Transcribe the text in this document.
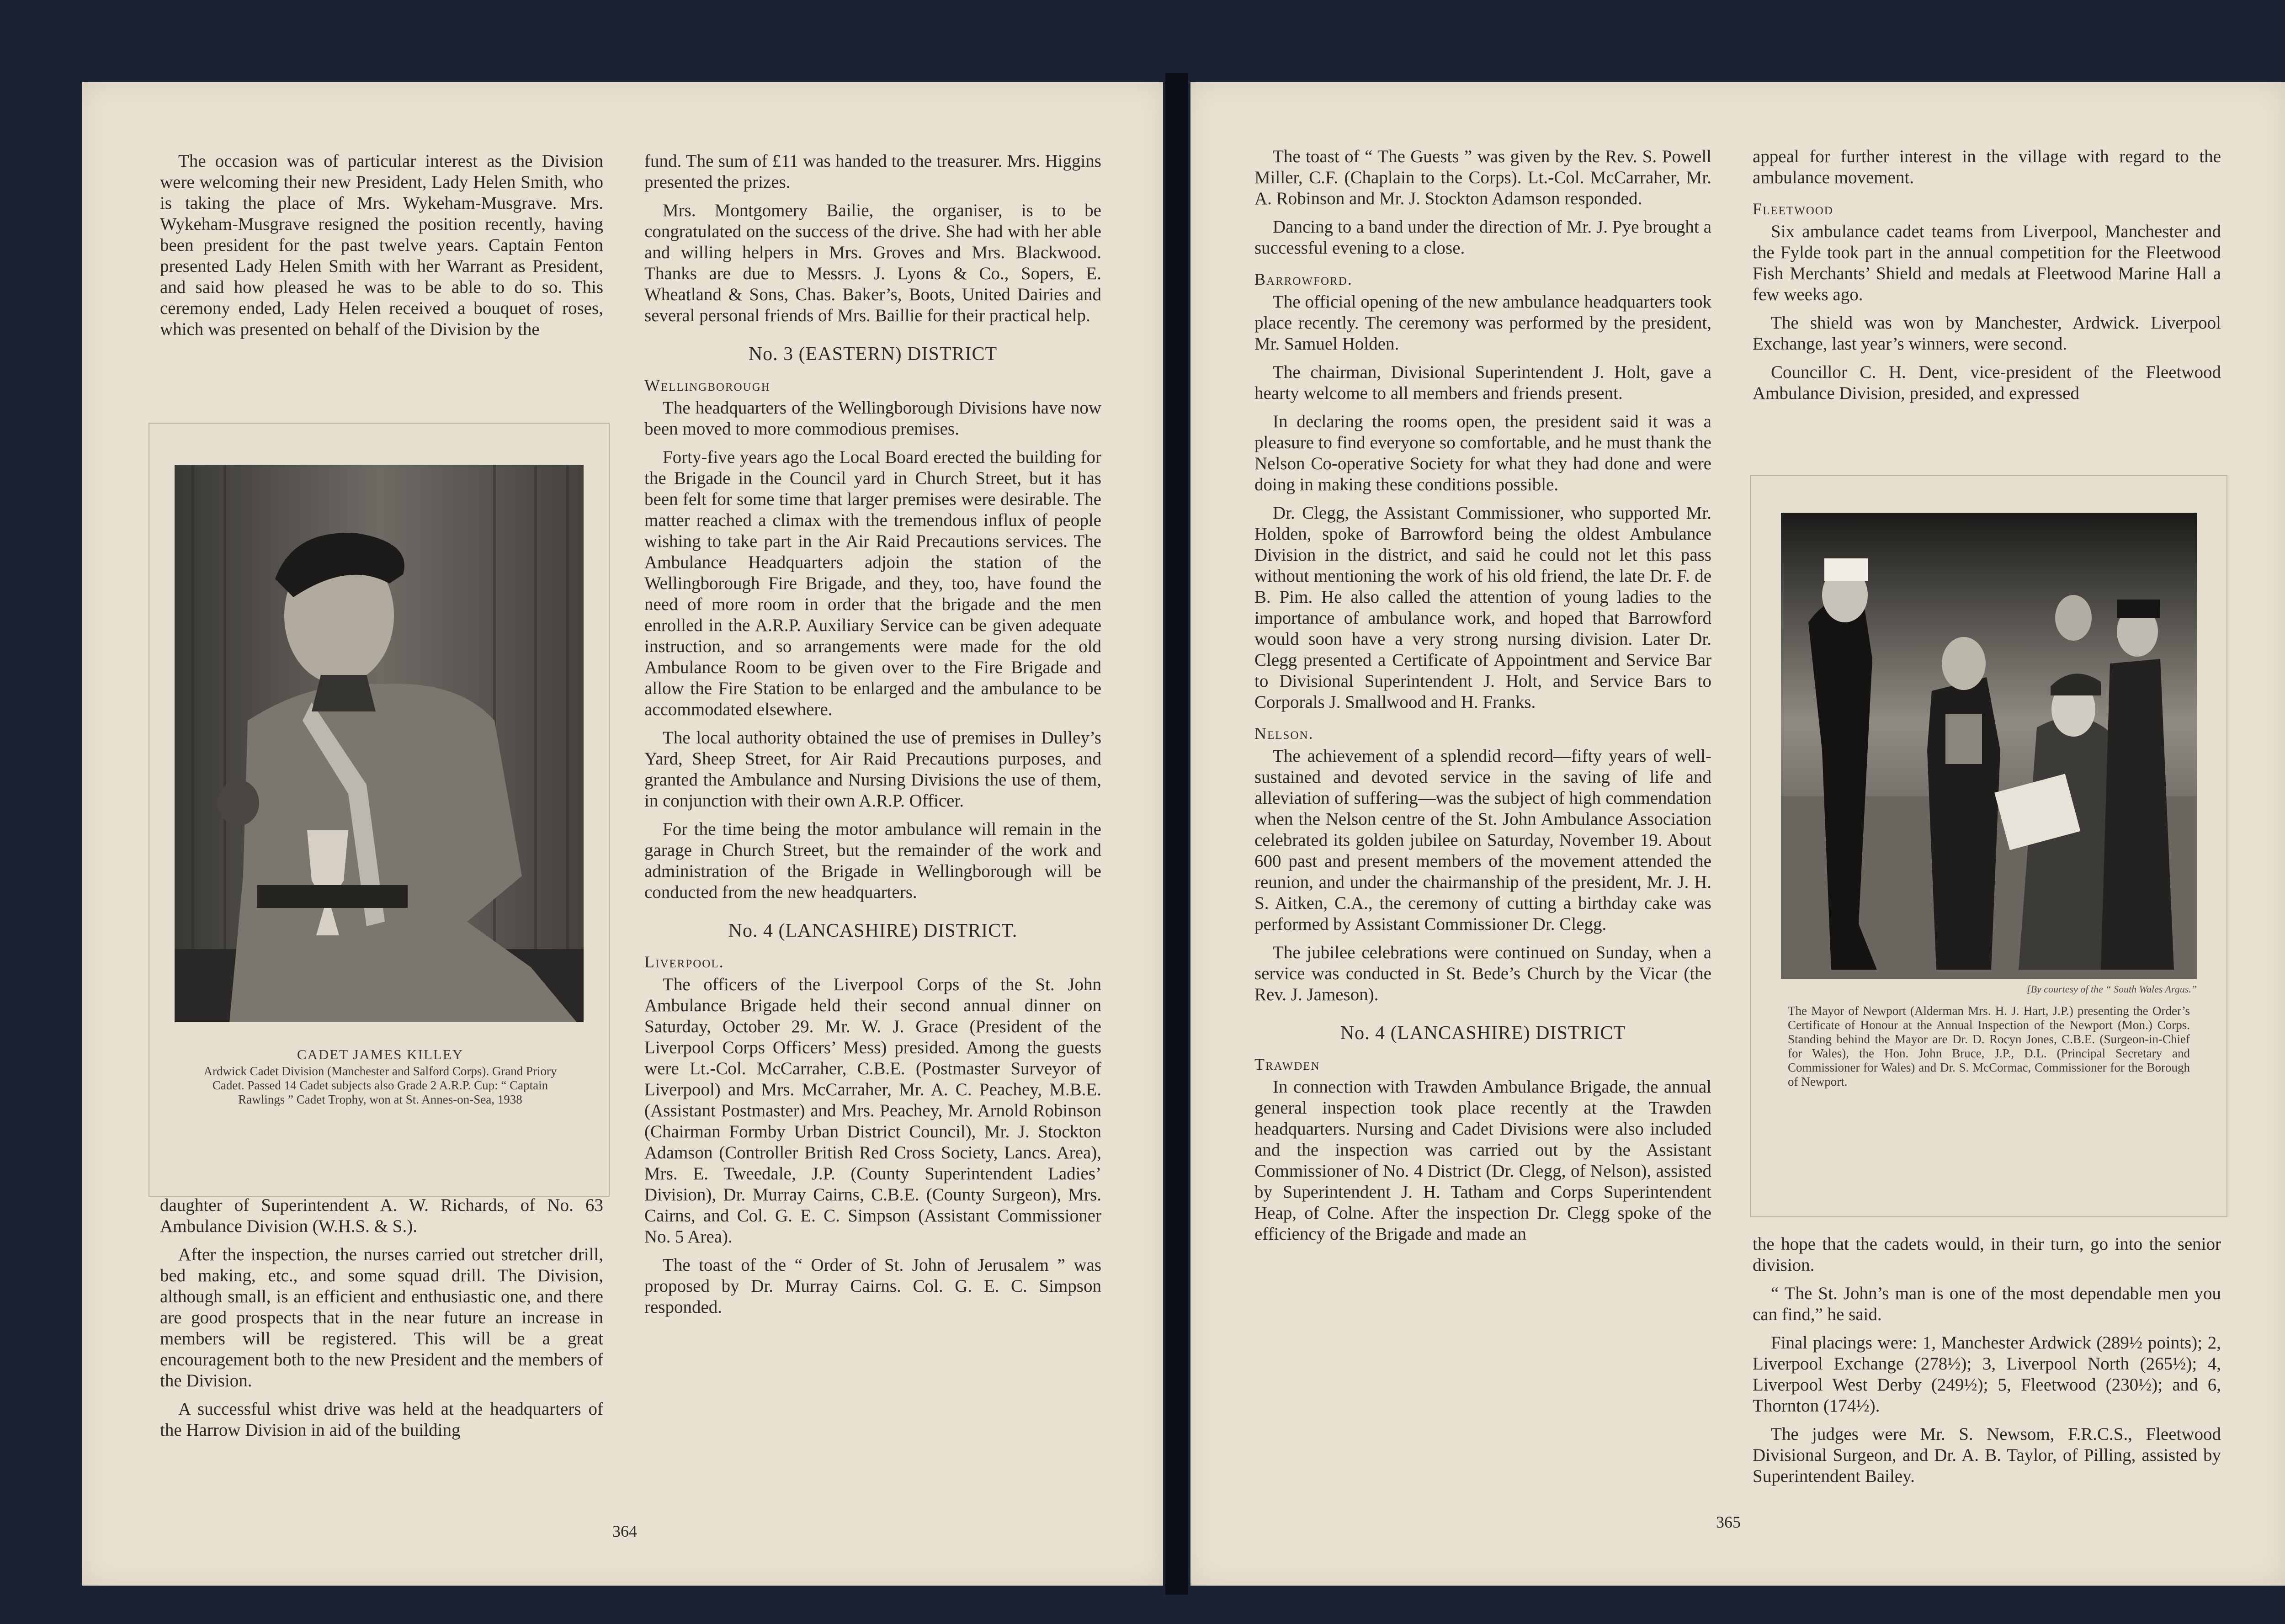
The occasion was of particular interest as the Division were welcoming their new President, Lady Helen Smith, who is taking the place of Mrs. Wykeham-Musgrave. Mrs. Wykeham-Musgrave resigned the position recently, having been president for the past twelve years. Captain Fenton presented Lady Helen Smith with her Warrant as President, and said how pleased he was to be able to do so. This ceremony ended, Lady Helen received a bouquet of roses, which was presented on behalf of the Division by the

CADET JAMES KILLEY
Ardwick Cadet Division (Manchester and Salford Corps). Grand Priory Cadet. Passed 14 Cadet subjects also Grade 2 A.R.P. Cup: “ Captain Rawlings ” Cadet Trophy, won at St. Annes-on-Sea, 1938

daughter of Superintendent A. W. Richards, of No. 63 Ambulance Division (W.H.S. & S.).

After the inspection, the nurses carried out stretcher drill, bed making, etc., and some squad drill. The Division, although small, is an efficient and enthusiastic one, and there are good prospects that in the near future an increase in members will be registered. This will be a great encouragement both to the new President and the members of the Division.

A successful whist drive was held at the headquarters of the Harrow Division in aid of the building

fund. The sum of £11 was handed to the treasurer. Mrs. Higgins presented the prizes.

Mrs. Montgomery Bailie, the organiser, is to be congratulated on the success of the drive. She had with her able and willing helpers in Mrs. Groves and Mrs. Blackwood. Thanks are due to Messrs. J. Lyons & Co., Sopers, E. Wheatland & Sons, Chas. Baker’s, Boots, United Dairies and several personal friends of Mrs. Baillie for their practical help.

No. 3 (EASTERN) DISTRICT
Wellingborough

The headquarters of the Wellingborough Divisions have now been moved to more commodious premises.

Forty-five years ago the Local Board erected the building for the Brigade in the Council yard in Church Street, but it has been felt for some time that larger premises were desirable. The matter reached a climax with the tremendous influx of people wishing to take part in the Air Raid Precautions services. The Ambulance Headquarters adjoin the station of the Wellingborough Fire Brigade, and they, too, have found the need of more room in order that the brigade and the men enrolled in the A.R.P. Auxiliary Service can be given adequate instruction, and so arrangements were made for the old Ambulance Room to be given over to the Fire Brigade and allow the Fire Station to be enlarged and the ambulance to be accommodated elsewhere.

The local authority obtained the use of premises in Dulley’s Yard, Sheep Street, for Air Raid Precautions purposes, and granted the Ambulance and Nursing Divisions the use of them, in conjunction with their own A.R.P. Officer.

For the time being the motor ambulance will remain in the garage in Church Street, but the remainder of the work and administration of the Brigade in Wellingborough will be conducted from the new headquarters.

No. 4 (LANCASHIRE) DISTRICT.
Liverpool.

The officers of the Liverpool Corps of the St. John Ambulance Brigade held their second annual dinner on Saturday, October 29. Mr. W. J. Grace (President of the Liverpool Corps Officers’ Mess) presided. Among the guests were Lt.-Col. McCarraher, C.B.E. (Postmaster Surveyor of Liverpool) and Mrs. McCarraher, Mr. A. C. Peachey, M.B.E. (Assistant Postmaster) and Mrs. Peachey, Mr. Arnold Robinson (Chairman Formby Urban District Council), Mr. J. Stockton Adamson (Controller British Red Cross Society, Lancs. Area), Mrs. E. Tweedale, J.P. (County Superintendent Ladies’ Division), Dr. Murray Cairns, C.B.E. (County Surgeon), Mrs. Cairns, and Col. G. E. C. Simpson (Assistant Commissioner No. 5 Area).

The toast of the “ Order of St. John of Jerusalem ” was proposed by Dr. Murray Cairns. Col. G. E. C. Simpson responded.

364

The toast of “ The Guests ” was given by the Rev. S. Powell Miller, C.F. (Chaplain to the Corps). Lt.-Col. McCarraher, Mr. A. Robinson and Mr. J. Stockton Adamson responded.

Dancing to a band under the direction of Mr. J. Pye brought a successful evening to a close.

Barrowford.

The official opening of the new ambulance headquarters took place recently. The ceremony was performed by the president, Mr. Samuel Holden.

The chairman, Divisional Superintendent J. Holt, gave a hearty welcome to all members and friends present.

In declaring the rooms open, the president said it was a pleasure to find everyone so comfortable, and he must thank the Nelson Co-operative Society for what they had done and were doing in making these conditions possible.

Dr. Clegg, the Assistant Commissioner, who supported Mr. Holden, spoke of Barrowford being the oldest Ambulance Division in the district, and said he could not let this pass without mentioning the work of his old friend, the late Dr. F. de B. Pim. He also called the attention of young ladies to the importance of ambulance work, and hoped that Barrowford would soon have a very strong nursing division. Later Dr. Clegg presented a Certificate of Appointment and Service Bar to Divisional Superintendent J. Holt, and Service Bars to Corporals J. Smallwood and H. Franks.

Nelson.

The achievement of a splendid record—fifty years of well-sustained and devoted service in the saving of life and alleviation of suffering—was the subject of high commendation when the Nelson centre of the St. John Ambulance Association celebrated its golden jubilee on Saturday, November 19. About 600 past and present members of the movement attended the reunion, and under the chairmanship of the president, Mr. J. H. S. Aitken, C.A., the ceremony of cutting a birthday cake was performed by Assistant Commissioner Dr. Clegg.

The jubilee celebrations were continued on Sunday, when a service was conducted in St. Bede’s Church by the Vicar (the Rev. J. Jameson).

No. 4 (LANCASHIRE) DISTRICT
Trawden

In connection with Trawden Ambulance Brigade, the annual general inspection took place recently at the Trawden headquarters. Nursing and Cadet Divisions were also included and the inspection was carried out by the Assistant Commissioner of No. 4 District (Dr. Clegg, of Nelson), assisted by Superintendent J. H. Tatham and Corps Superintendent Heap, of Colne. After the inspection Dr. Clegg spoke of the efficiency of the Brigade and made an

appeal for further interest in the village with regard to the ambulance movement.

Fleetwood

Six ambulance cadet teams from Liverpool, Manchester and the Fylde took part in the annual competition for the Fleetwood Fish Merchants’ Shield and medals at Fleetwood Marine Hall a few weeks ago.

The shield was won by Manchester, Ardwick. Liverpool Exchange, last year’s winners, were second.

Councillor C. H. Dent, vice-president of the Fleetwood Ambulance Division, presided, and expressed

[By courtesy of the “ South Wales Argus.”
The Mayor of Newport (Alderman Mrs. H. J. Hart, J.P.) presenting the Order’s Certificate of Honour at the Annual Inspection of the Newport (Mon.) Corps. Standing behind the Mayor are Dr. D. Rocyn Jones, C.B.E. (Surgeon-in-Chief for Wales), the Hon. John Bruce, J.P., D.L. (Principal Secretary and Commissioner for Wales) and Dr. S. McCormac, Commissioner for the Borough of Newport.

the hope that the cadets would, in their turn, go into the senior division.

“ The St. John’s man is one of the most dependable men you can find,” he said.

Final placings were: 1, Manchester Ardwick (289½ points); 2, Liverpool Exchange (278½); 3, Liverpool North (265½); 4, Liverpool West Derby (249½); 5, Fleetwood (230½); and 6, Thornton (174½).

The judges were Mr. S. Newsom, F.R.C.S., Fleetwood Divisional Surgeon, and Dr. A. B. Taylor, of Pilling, assisted by Superintendent Bailey.

365
